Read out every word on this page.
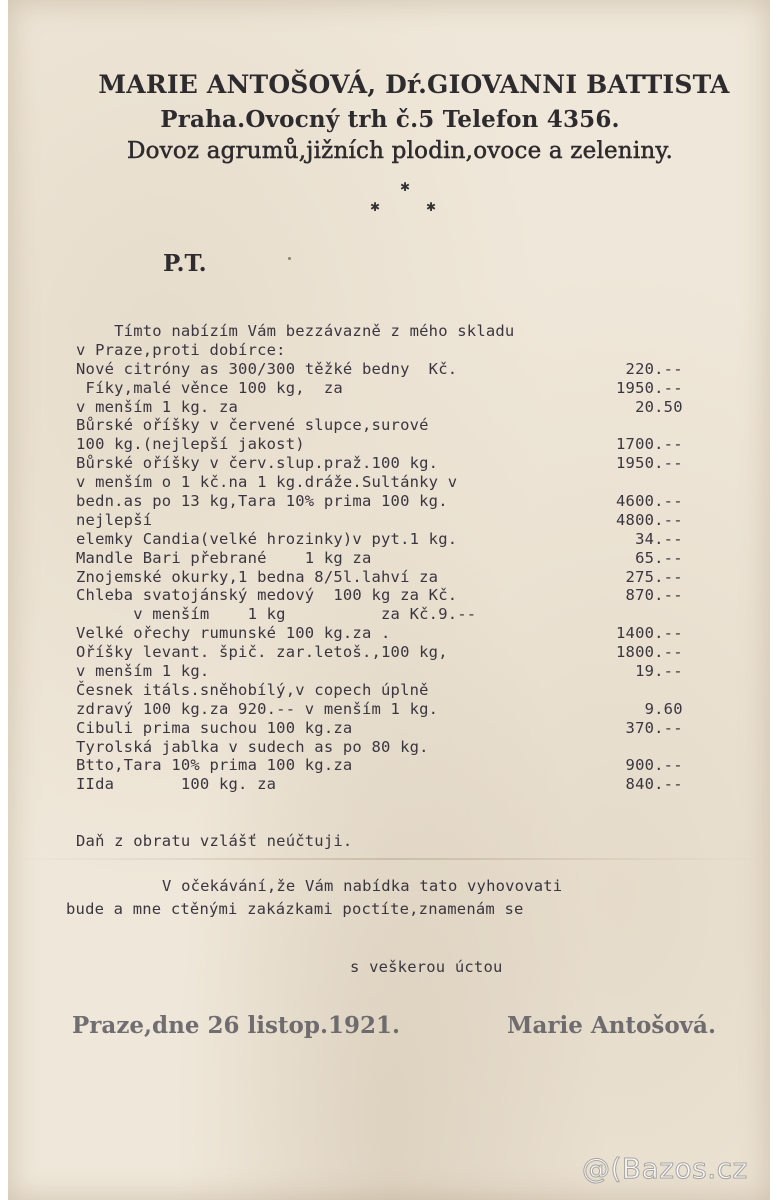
MARIE ANTOŠOVÁ, Dŕ.GIOVANNI BATTISTA
Praha.Ovocný trh č.5 Telefon 4356.
Dovoz agrumů,jižních plodin,ovoce a zeleniny.
✱
✱	✱
P.T.
Tímto nabízím Vám bezzávazně z mého skladu
v Praze,proti dobírce:
Nové citróny as 300/300 těžké bedny  Kč.	220.--
Fíky,malé věnce 100 kg,  za	1950.--
v menším 1 kg. za	20.50
Bůrské oříšky v červené slupce,surové
100 kg.(nejlepší jakost)	1700.--
Bůrské oříšky v červ.slup.praž.100 kg.	1950.--
v menším o 1 kč.na 1 kg.dráže.Sultánky v
bedn.as po 13 kg,Tara 10% prima 100 kg.	4600.--
nejlepší	4800.--
elemky Candia(velké hrozinky)v pyt.1 kg.	34.--
Mandle Bari přebrané    1 kg za	65.--
Znojemské okurky,1 bedna 8/5l.lahví za	275.--
Chleba svatojánský medový  100 kg za Kč.	870.--
v menším    1 kg          za Kč.9.--
Velké ořechy rumunské 100 kg.za .	1400.--
Oříšky levant. špič. zar.letoš.,100 kg,	1800.--
v menším 1 kg.	19.--
Česnek itáls.sněhobílý,v copech úplně
zdravý 100 kg.za 920.-- v menším 1 kg.	9.60
Cibuli prima suchou 100 kg.za	370.--
Tyrolská jablka v sudech as po 80 kg.
Btto,Tara 10% prima 100 kg.za	900.--
IIda       100 kg. za	840.--
Daň z obratu vzlášť neúčtuji.
V očekávání,že Vám nabídka tato vyhovovati
bude a mne ctěnými zakázkami poctíte,znamenám se
s veškerou úctou
Praze,dne 26 listop.1921.	Marie Antošová.
@(Bazos.cz
